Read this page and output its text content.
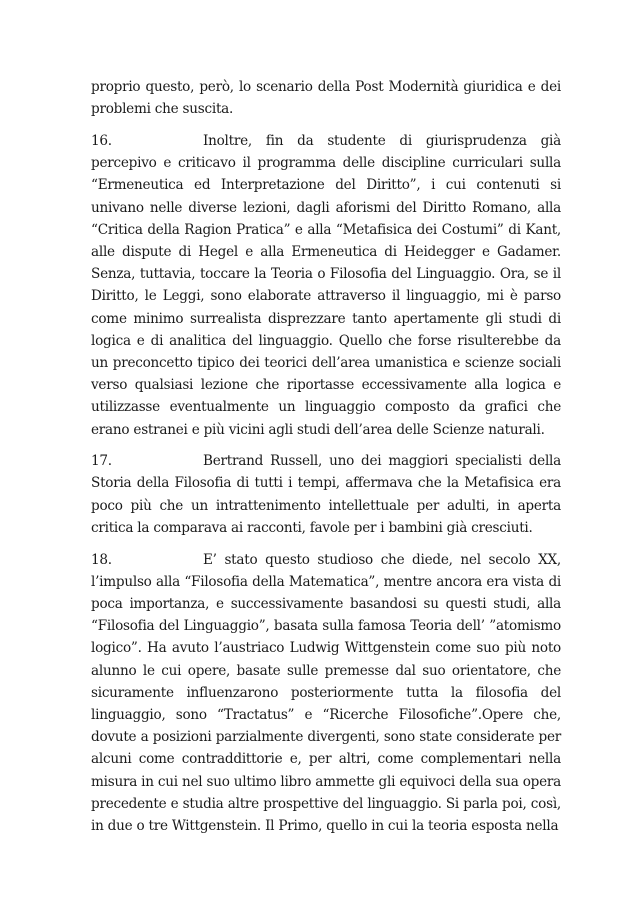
proprio questo, però, lo scenario della Post Modernità giuridica e dei problemi che suscita.

16.	Inoltre, fin da studente di giurisprudenza già percepivo e criticavo il programma delle discipline curriculari sulla “Ermeneutica ed Interpretazione del Diritto”, i cui contenuti si univano nelle diverse lezioni, dagli aforismi del Diritto Romano, alla “Critica della Ragion Pratica” e alla “Metafisica dei Costumi” di Kant, alle dispute di Hegel e alla Ermeneutica di Heidegger e Gadamer. Senza, tuttavia, toccare la Teoria o Filosofia del Linguaggio. Ora, se il Diritto, le Leggi, sono elaborate attraverso il linguaggio, mi è parso come minimo surrealista disprezzare tanto apertamente gli studi di logica e di analitica del linguaggio. Quello che forse risulterebbe da un preconcetto tipico dei teorici dell’area umanistica e scienze sociali verso qualsiasi lezione che riportasse eccessivamente alla logica e utilizzasse eventualmente un linguaggio composto da grafici che erano estranei e più vicini agli studi dell’area delle Scienze naturali.

17.	Bertrand Russell, uno dei maggiori specialisti della Storia della Filosofia di tutti i tempi, affermava che la Metafisica era poco più che un intrattenimento intellettuale per adulti, in aperta critica la comparava ai racconti, favole per i bambini già cresciuti.

18.	E’ stato questo studioso che diede, nel secolo XX, l’impulso alla “Filosofia della Matematica”, mentre ancora era vista di poca importanza, e successivamente basandosi su questi studi, alla “Filosofia del Linguaggio”, basata sulla famosa Teoria dell’ ”atomismo logico”. Ha avuto l’austriaco Ludwig Wittgenstein come suo più noto alunno le cui opere, basate sulle premesse dal suo orientatore, che sicuramente influenzarono posteriormente tutta la filosofia del linguaggio, sono “Tractatus” e “Ricerche Filosofiche”.Opere che, dovute a posizioni parzialmente divergenti, sono state considerate per alcuni come contraddittorie e, per altri, come complementari nella misura in cui nel suo ultimo libro ammette gli equivoci della sua opera precedente e studia altre prospettive del linguaggio. Si parla poi, così, in due o tre Wittgenstein. Il Primo, quello in cui la teoria esposta nella
